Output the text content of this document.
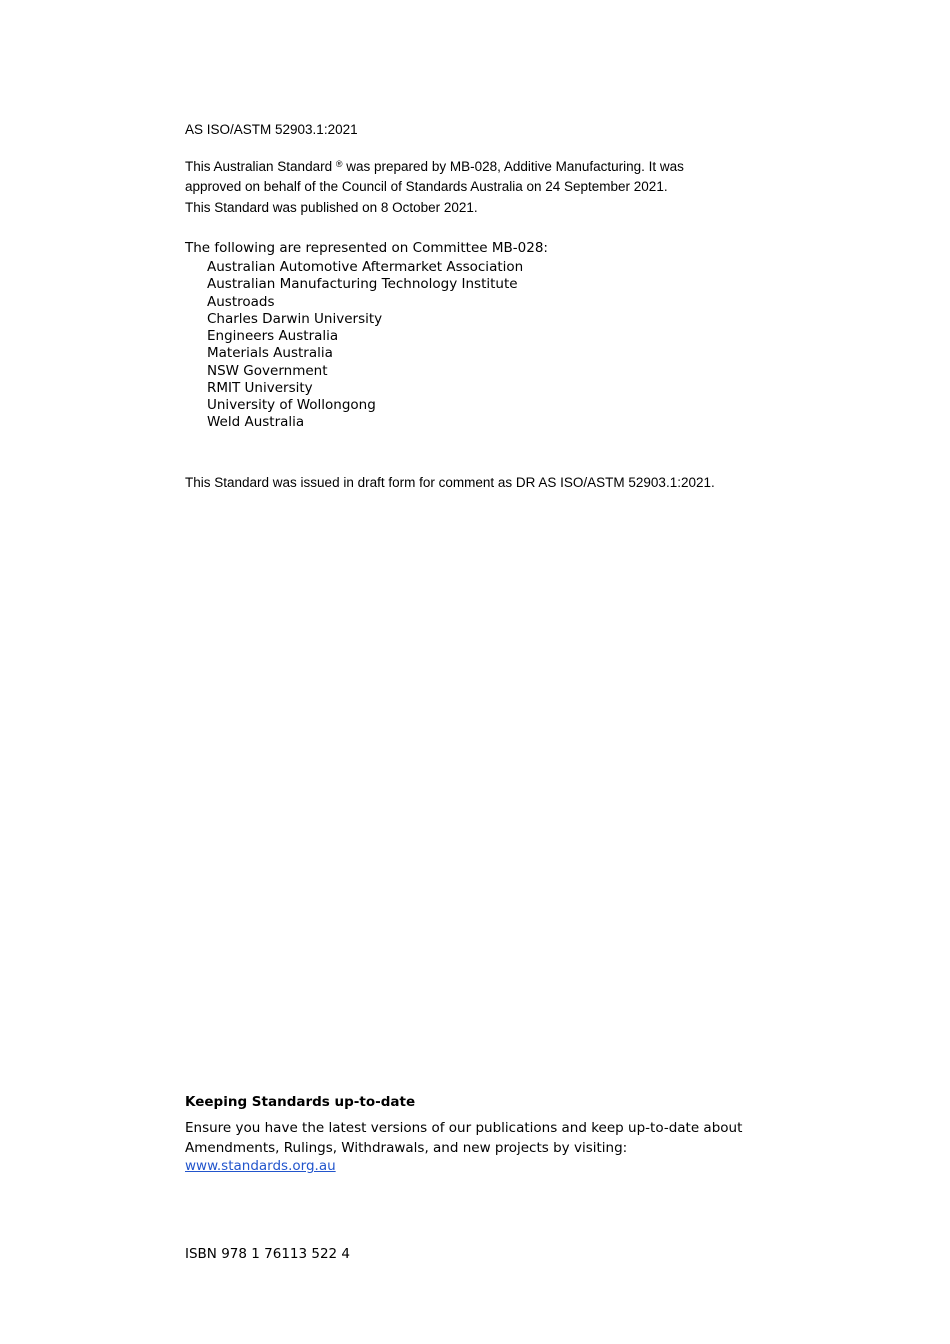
AS ISO/ASTM 52903.1:2021
This Australian Standard ® was prepared by MB-028, Additive Manufacturing. It was
approved on behalf of the Council of Standards Australia on 24 September 2021.
This Standard was published on 8 October 2021.
The following are represented on Committee MB-028:
Australian Automotive Aftermarket Association
Australian Manufacturing Technology Institute
Austroads
Charles Darwin University
Engineers Australia
Materials Australia
NSW Government
RMIT University
University of Wollongong
Weld Australia
This Standard was issued in draft form for comment as DR AS ISO/ASTM 52903.1:2021.
Keeping Standards up-to-date
Ensure you have the latest versions of our publications and keep up-to-date about
Amendments, Rulings, Withdrawals, and new projects by visiting:
www.standards.org.au
ISBN 978 1 76113 522 4
